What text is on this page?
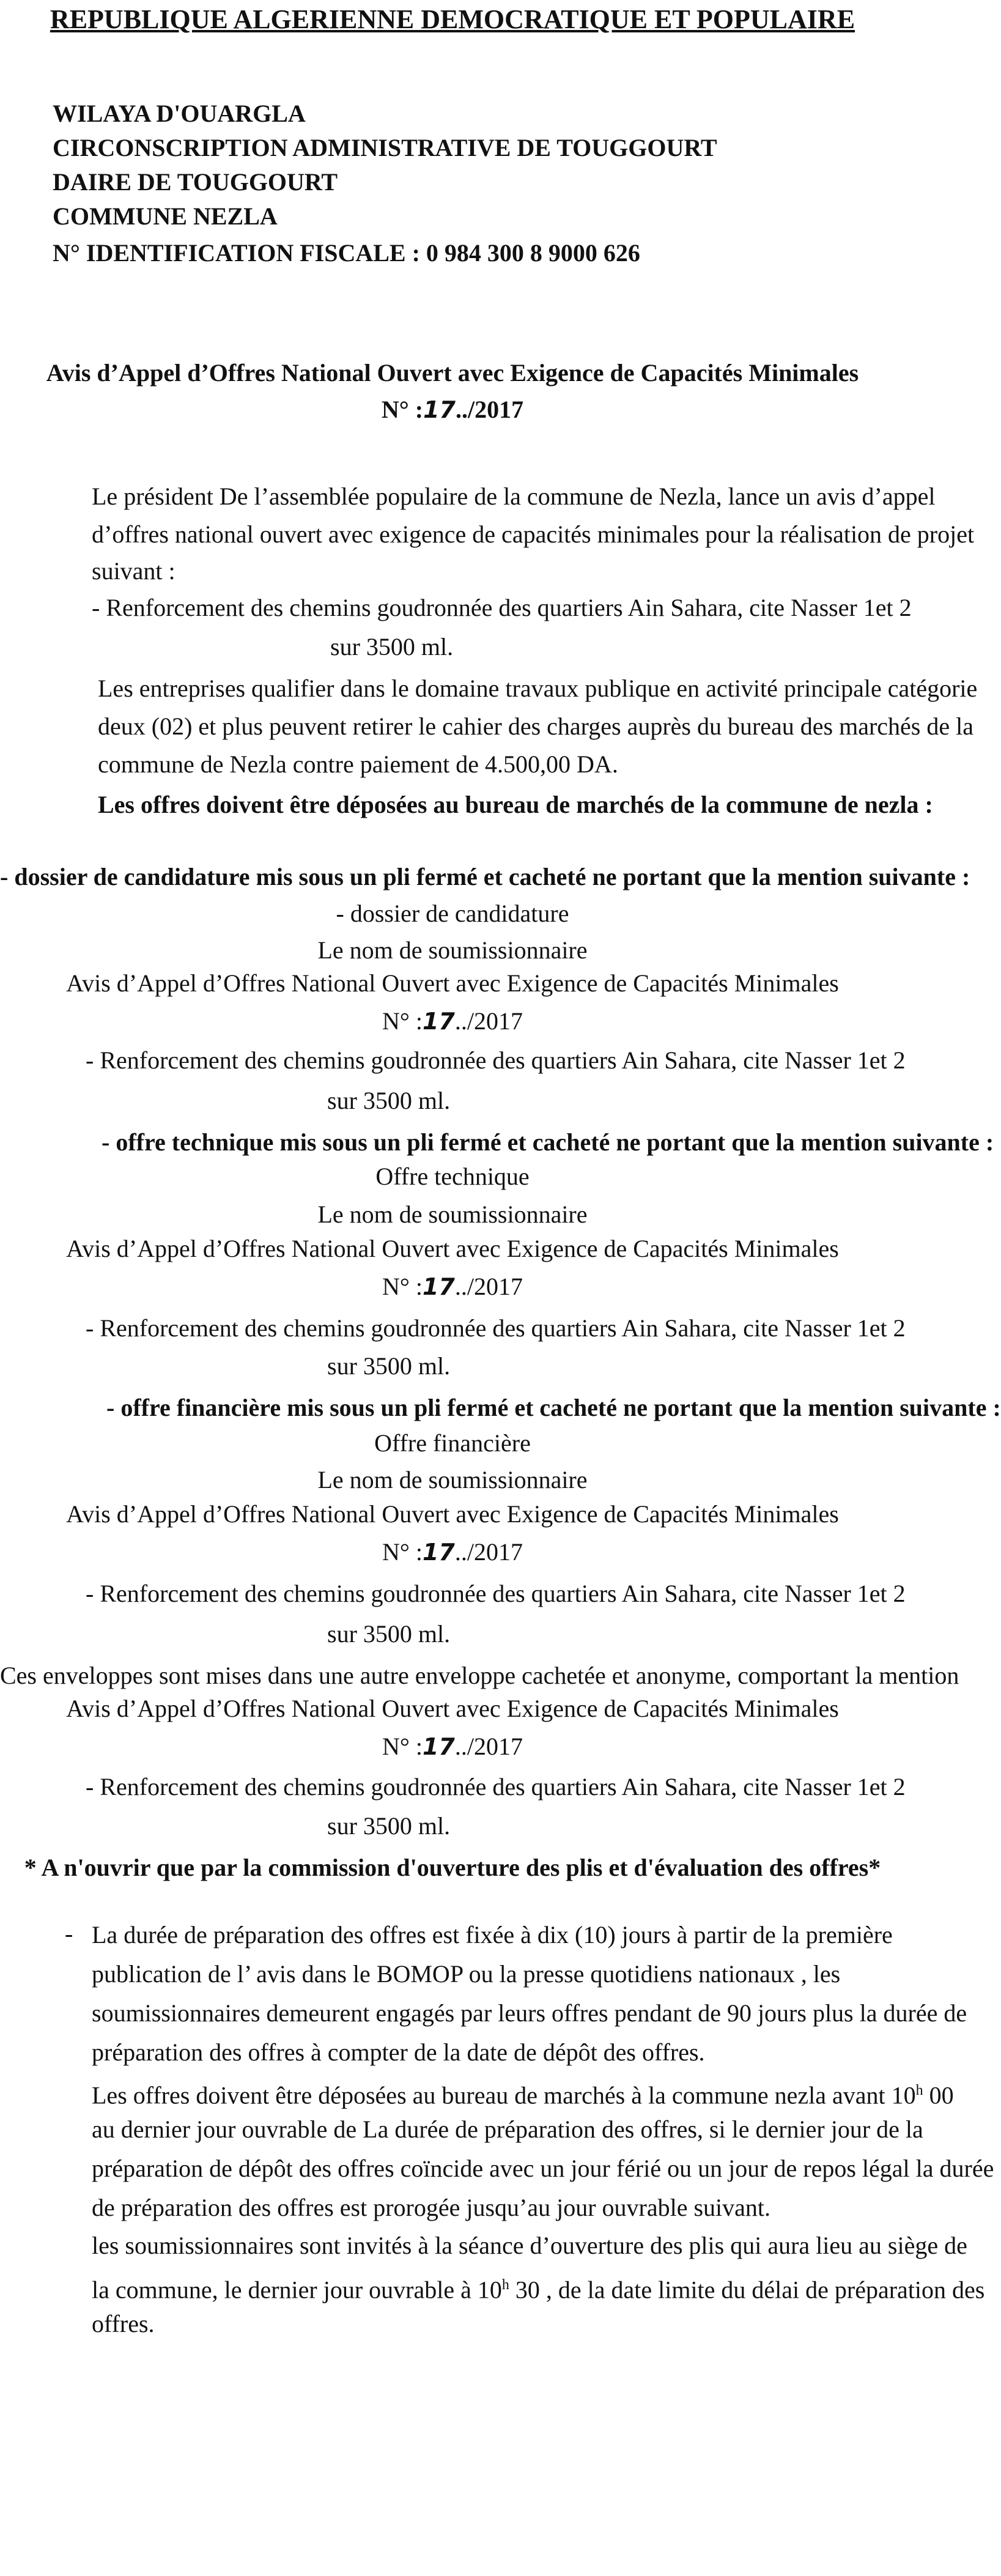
REPUBLIQUE ALGERIENNE DEMOCRATIQUE ET POPULAIRE
WILAYA D'OUARGLA
CIRCONSCRIPTION ADMINISTRATIVE DE TOUGGOURT
DAIRE DE TOUGGOURT
COMMUNE NEZLA
N° IDENTIFICATION FISCALE : 0 984 300 8 9000 626
Avis d’Appel d’Offres National Ouvert avec Exigence de Capacités Minimales
N° :17../2017
Le président De l’assemblée populaire de la commune de Nezla, lance un avis d’appel
d’offres national ouvert avec exigence de capacités minimales pour la réalisation de projet
suivant :
- Renforcement des chemins goudronnée des quartiers Ain Sahara, cite Nasser 1et 2
sur 3500 ml.
Les entreprises qualifier dans le domaine travaux publique en activité principale catégorie
deux (02) et plus peuvent retirer le cahier des charges auprès du bureau des marchés de la
commune de Nezla contre paiement de 4.500,00 DA.
Les offres doivent être déposées au bureau de marchés de la commune de nezla :
- dossier de candidature mis sous un pli fermé et cacheté ne portant que la mention suivante :
- dossier de candidature
Le nom de soumissionnaire
Avis d’Appel d’Offres National Ouvert avec Exigence de Capacités Minimales
N° :17../2017
- Renforcement des chemins goudronnée des quartiers Ain Sahara, cite Nasser 1et 2
sur 3500 ml.
- offre technique mis sous un pli fermé et cacheté ne portant que la mention suivante :
Offre technique
Le nom de soumissionnaire
Avis d’Appel d’Offres National Ouvert avec Exigence de Capacités Minimales
N° :17../2017
- Renforcement des chemins goudronnée des quartiers Ain Sahara, cite Nasser 1et 2
sur 3500 ml.
- offre financière mis sous un pli fermé et cacheté ne portant que la mention suivante :
Offre financière
Le nom de soumissionnaire
Avis d’Appel d’Offres National Ouvert avec Exigence de Capacités Minimales
N° :17../2017
- Renforcement des chemins goudronnée des quartiers Ain Sahara, cite Nasser 1et 2
sur 3500 ml.
Ces enveloppes sont mises dans une autre enveloppe cachetée et anonyme, comportant la mention
Avis d’Appel d’Offres National Ouvert avec Exigence de Capacités Minimales
N° :17../2017
- Renforcement des chemins goudronnée des quartiers Ain Sahara, cite Nasser 1et 2
sur 3500 ml.
* A n'ouvrir que par la commission d'ouverture des plis et d'évaluation des offres*
- La durée de préparation des offres est fixée à dix (10) jours à partir de la première
publication de l’ avis dans le BOMOP ou la presse quotidiens nationaux , les
soumissionnaires demeurent engagés par leurs offres pendant de 90 jours plus la durée de
préparation des offres à compter de la date de dépôt des offres.
Les offres doivent être déposées au bureau de marchés à la commune nezla avant 10$^h$ 00
au dernier jour ouvrable de La durée de préparation des offres, si le dernier jour de la
préparation de dépôt des offres coïncide avec un jour férié ou un jour de repos légal la durée
de préparation des offres est prorogée jusqu’au jour ouvrable suivant.
les soumissionnaires sont invités à la séance d’ouverture des plis qui aura lieu au siège de
la commune, le dernier jour ouvrable à 10$^h$ 30 , de la date limite du délai de préparation des
offres.
